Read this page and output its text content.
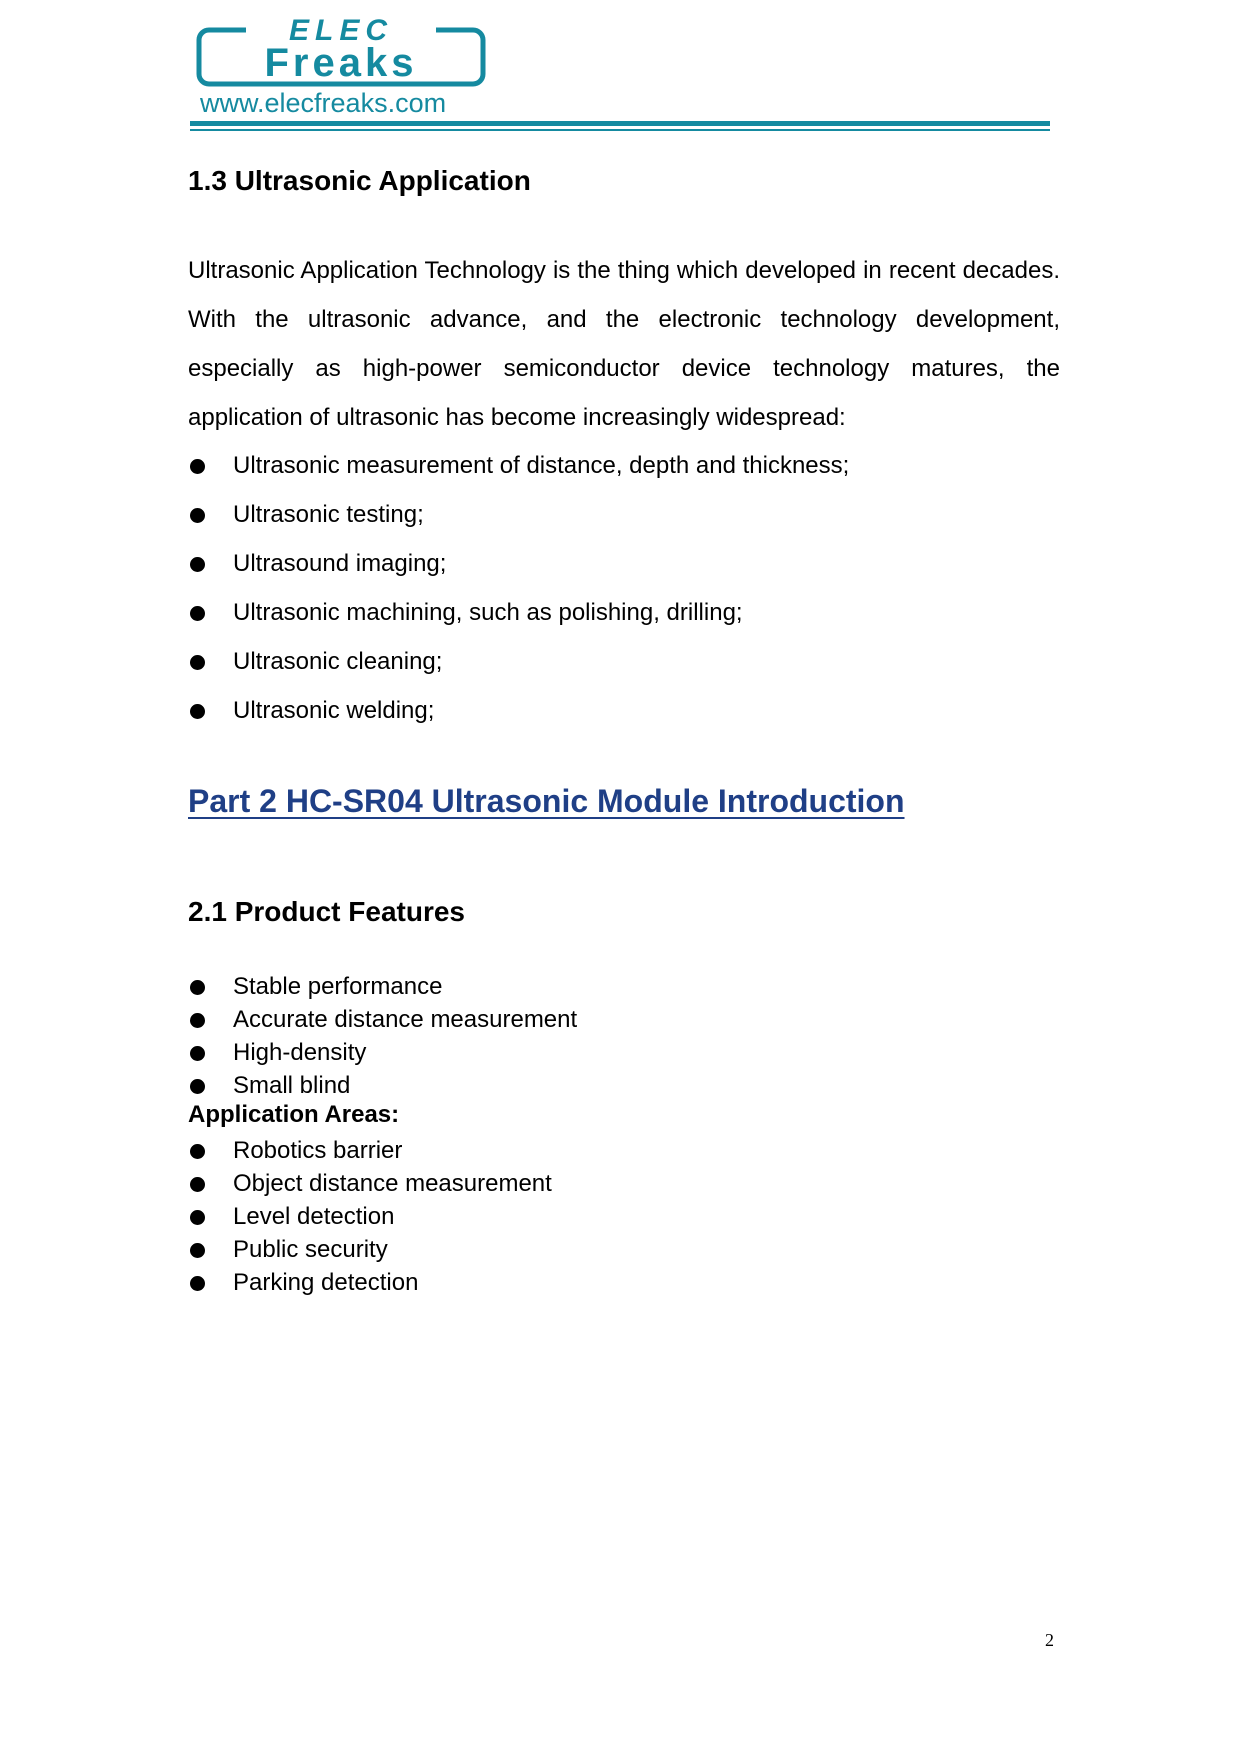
ELEC
Freaks
www.elecfreaks.com
1.3 Ultrasonic Application

Ultrasonic Application Technology is the thing which developed in recent decades. With the ultrasonic advance, and the electronic technology development, especially as high-power semiconductor device technology matures, the application of ultrasonic has become increasingly widespread:

Ultrasonic measurement of distance, depth and thickness;
Ultrasonic testing;
Ultrasound imaging;
Ultrasonic machining, such as polishing, drilling;
Ultrasonic cleaning;
Ultrasonic welding;
Part 2 HC-SR04 Ultrasonic Module Introduction
2.1 Product Features
Stable performance
Accurate distance measurement
High-density
Small blind
Application Areas:
Robotics barrier
Object distance measurement
Level detection
Public security
Parking detection
2
